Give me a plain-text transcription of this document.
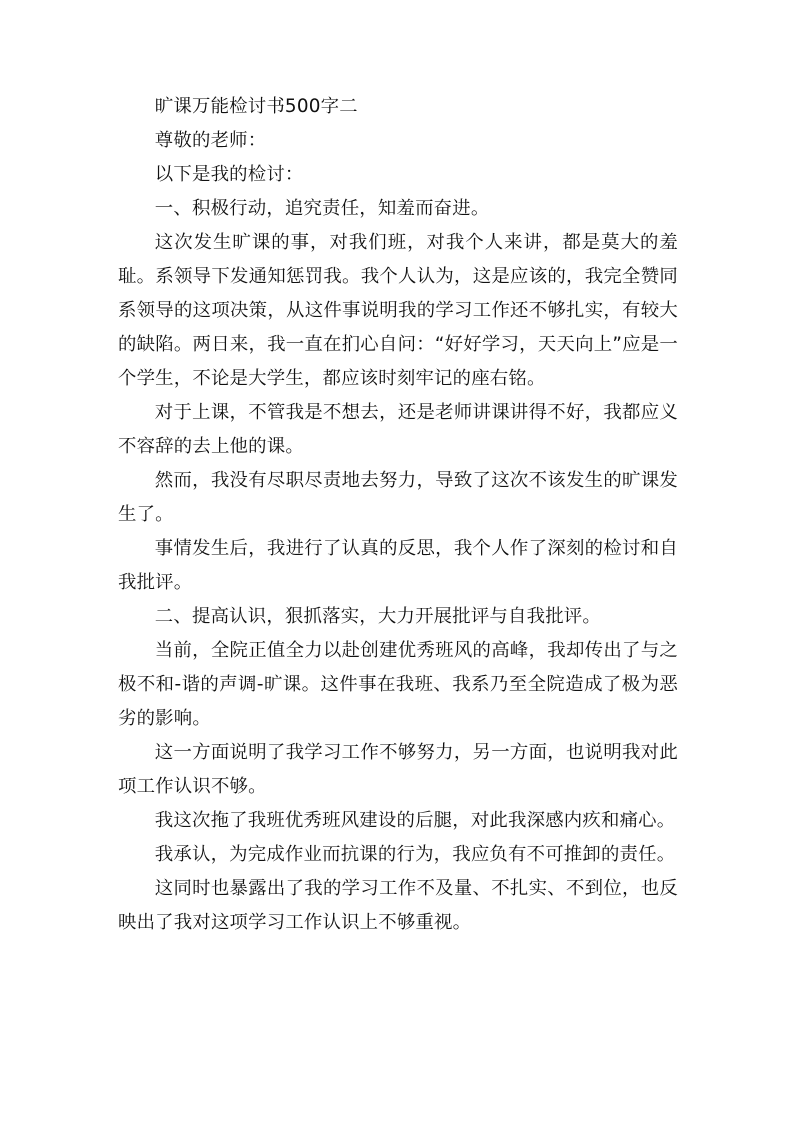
旷课万能检讨书500字二

尊敬的老师：

以下是我的检讨：

一、积极行动，追究责任，知羞而奋进。

这次发生旷课的事，对我们班，对我个人来讲，都是莫大的羞耻。系领导下发通知惩罚我。我个人认为，这是应该的，我完全赞同系领导的这项决策，从这件事说明我的学习工作还不够扎实，有较大的缺陷。两日来，我一直在扪心自问：“好好学习，天天向上”应是一个学生，不论是大学生，都应该时刻牢记的座右铭。

对于上课，不管我是不想去，还是老师讲课讲得不好，我都应义不容辞的去上他的课。

然而，我没有尽职尽责地去努力，导致了这次不该发生的旷课发生了。

事情发生后，我进行了认真的反思，我个人作了深刻的检讨和自我批评。

二、提高认识，狠抓落实，大力开展批评与自我批评。

当前，全院正值全力以赴创建优秀班风的高峰，我却传出了与之极不和-谐的声调-旷课。这件事在我班、我系乃至全院造成了极为恶劣的影响。

这一方面说明了我学习工作不够努力，另一方面，也说明我对此项工作认识不够。

我这次拖了我班优秀班风建设的后腿，对此我深感内疚和痛心。

我承认，为完成作业而抗课的行为，我应负有不可推卸的责任。

这同时也暴露出了我的学习工作不及量、不扎实、不到位，也反映出了我对这项学习工作认识上不够重视。
